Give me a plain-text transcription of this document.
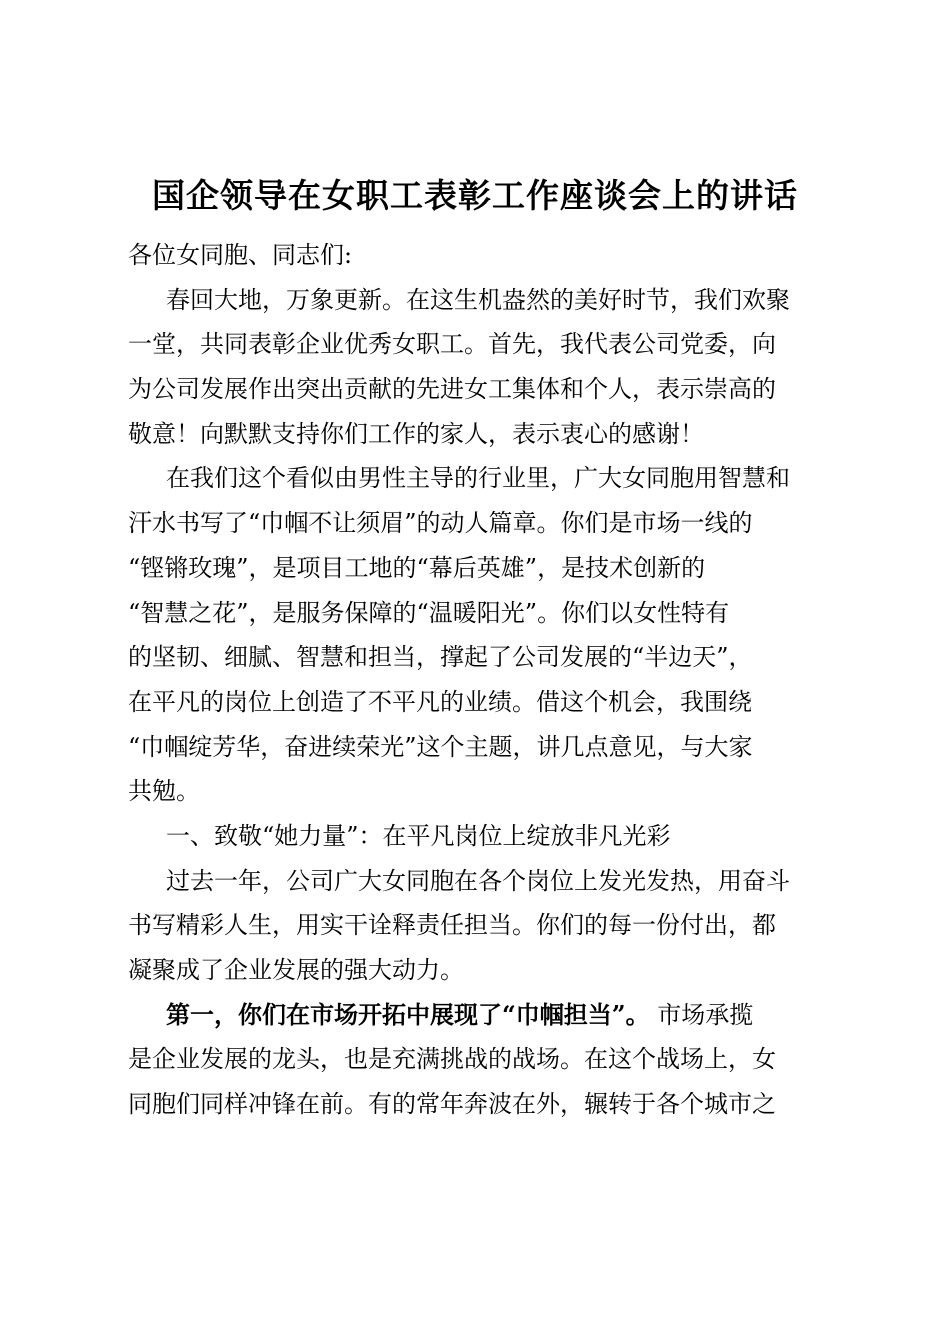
国企领导在女职工表彰工作座谈会上的讲话
各位女同胞、同志们:
春回大地，万象更新。在这生机盎然的美好时节，我们欢聚
一堂，共同表彰企业优秀女职工。首先，我代表公司党委，向
为公司发展作出突出贡献的先进女工集体和个人，表示崇高的
敬意！向默默支持你们工作的家人，表示衷心的感谢！
在我们这个看似由男性主导的行业里，广大女同胞用智慧和
汗水书写了“巾帼不让须眉”的动人篇章。你们是市场一线的
“铿锵玫瑰”，是项目工地的“幕后英雄”，是技术创新的
“智慧之花”，是服务保障的“温暖阳光”。你们以女性特有
的坚韧、细腻、智慧和担当，撑起了公司发展的“半边天”，
在平凡的岗位上创造了不平凡的业绩。借这个机会，我围绕
“巾帼绽芳华，奋进续荣光”这个主题，讲几点意见，与大家
共勉。
一、致敬“她力量”：在平凡岗位上绽放非凡光彩
过去一年，公司广大女同胞在各个岗位上发光发热，用奋斗
书写精彩人生，用实干诠释责任担当。你们的每一份付出，都
凝聚成了企业发展的强大动力。
第一，你们在市场开拓中展现了“巾帼担当”。 市场承揽
是企业发展的龙头，也是充满挑战的战场。在这个战场上，女
同胞们同样冲锋在前。有的常年奔波在外，辗转于各个城市之
